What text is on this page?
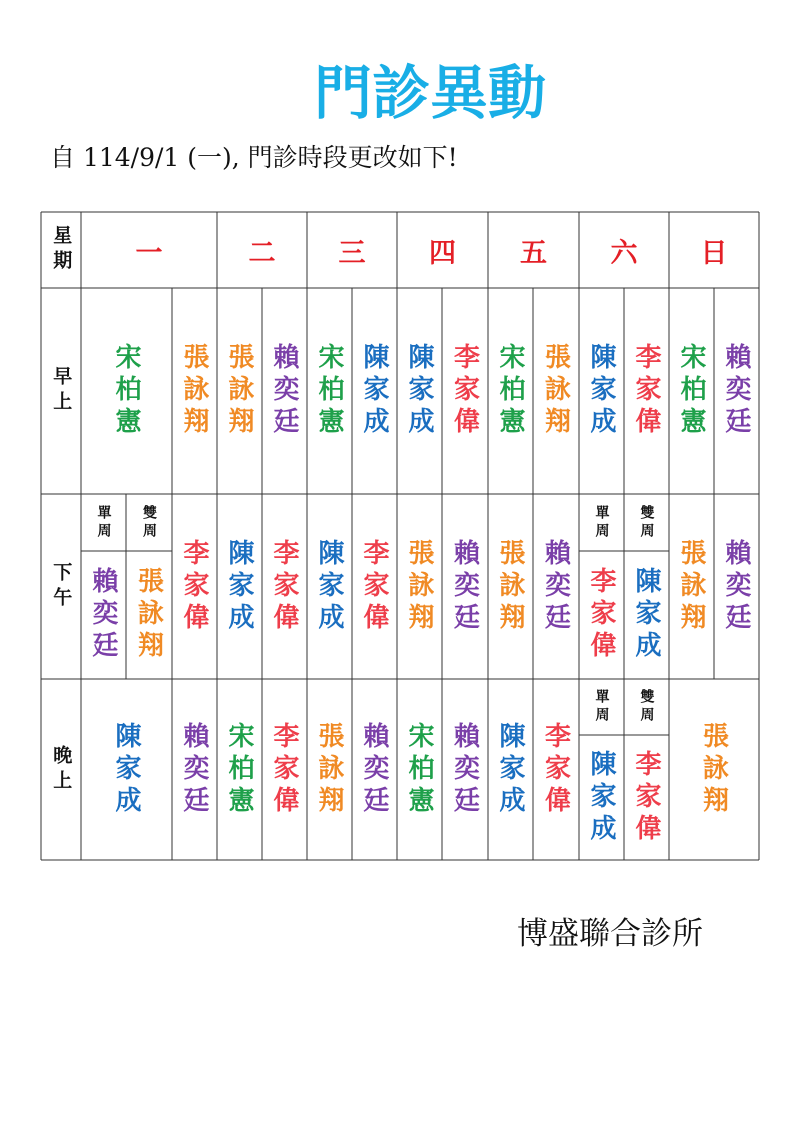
門診異動
自 114/9/1 (一), 門診時段更改如下!
星期 一	二 三 四 五 六 日
早上
下午
晚上
宋柏憲 張詠翔 張詠翔 賴奕廷 宋柏憲 陳家成 陳家成 李家偉 宋柏憲 張詠翔 陳家成 李家偉 宋柏憲 賴奕廷
單周
賴奕廷
雙周
張詠翔 李家偉 陳家成 李家偉 陳家成 李家偉 張詠翔 賴奕廷 張詠翔 賴奕廷
單周
李家偉
雙周
陳家成 張詠翔 賴奕廷
陳家成 賴奕廷 宋柏憲 李家偉 張詠翔 賴奕廷 宋柏憲 賴奕廷 陳家成 李家偉
單周
陳家成
雙周
李家偉 張詠翔
博盛聯合診所
